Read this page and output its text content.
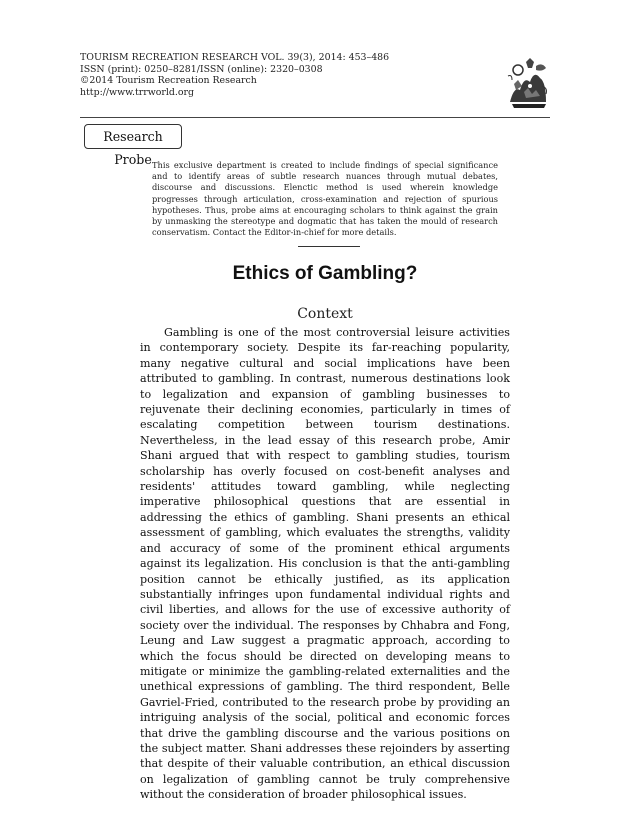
TOURISM RECREATION RESEARCH VOL. 39(3), 2014: 453–486
ISSN (print): 0250–8281/ISSN (online): 2320–0308
©2014 Tourism Recreation Research
http://www.trrworld.org
Research Probe This exclusive department is created to include findings of special significance and to identify areas of subtle research nuances through mutual debates, discourse and discussions. Elenctic method is used wherein knowledge progresses through articulation, cross-examination and rejection of spurious hypotheses. Thus, probe aims at encouraging scholars to think against the grain by unmasking the stereotype and dogmatic that has taken the mould of research conservatism. Contact the Editor-in-chief for more details.
Ethics of Gambling?
Context

Gambling is one of the most controversial leisure activities in contemporary society. Despite its far-reaching popularity, many negative cultural and social implications have been attributed to gambling. In contrast, numerous destinations look to legalization and expansion of gambling businesses to rejuvenate their declining economies, particularly in times of escalating competition between tourism destinations. Nevertheless, in the lead essay of this research probe, Amir Shani argued that with respect to gambling studies, tourism scholarship has overly focused on cost-benefit analyses and residents' attitudes toward gambling, while neglecting imperative philosophical questions that are essential in addressing the ethics of gambling. Shani presents an ethical assessment of gambling, which evaluates the strengths, validity and accuracy of some of the prominent ethical arguments against its legalization. His conclusion is that the anti-gambling position cannot be ethically justified, as its application substantially infringes upon fundamental individual rights and civil liberties, and allows for the use of excessive authority of society over the individual. The responses by Chhabra and Fong, Leung and Law suggest a pragmatic approach, according to which the focus should be directed on developing means to mitigate or minimize the gambling-related externalities and the unethical expressions of gambling. The third respondent, Belle Gavriel-Fried, contributed to the research probe by providing an intriguing analysis of the social, political and economic forces that drive the gambling discourse and the various positions on the subject matter. Shani addresses these rejoinders by asserting that despite of their valuable contribution, an ethical discussion on legalization of gambling cannot be truly comprehensive without the consideration of broader philosophical issues.
